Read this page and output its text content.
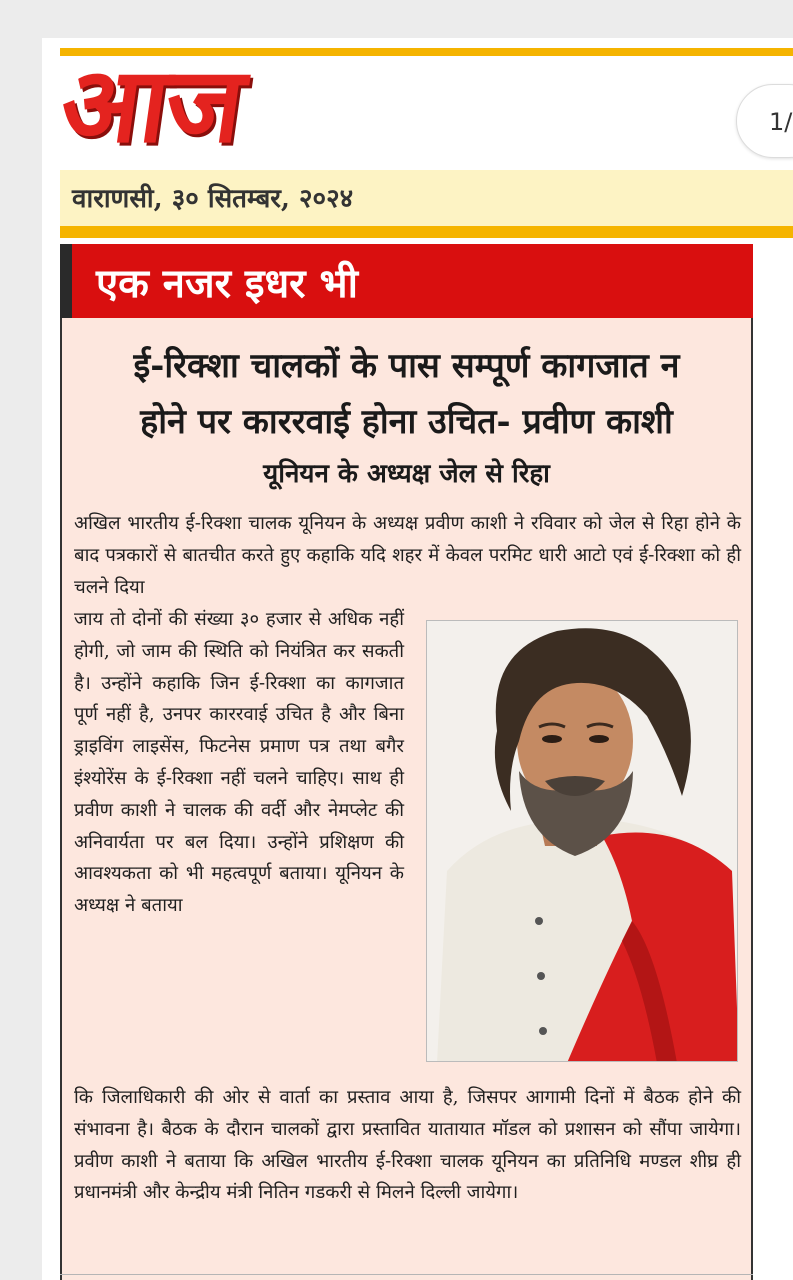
आज	1/
वाराणसी, ३० सितम्बर, २०२४
एक नजर इधर भी
ई-रिक्शा चालकों के पास सम्पूर्ण कागजात न
होने पर काररवाई होना उचित- प्रवीण काशी
यूनियन के अध्यक्ष जेल से रिहा

अखिल भारतीय ई-रिक्शा चालक यूनियन के अध्यक्ष प्रवीण काशी ने रविवार को जेल से रिहा होने के बाद पत्रकारों से बातचीत करते हुए कहाकि यदि शहर में केवल परमिट धारी आटो एवं ई-रिक्शा को ही चलने दिया

जाय तो दोनों की संख्या ३० हजार से अधिक नहीं होगी, जो जाम की स्थिति को नियंत्रित कर सकती है। उन्होंने कहाकि जिन ई-रिक्शा का कागजात पूर्ण नहीं है, उनपर काररवाई उचित है और बिना ड्राइविंग लाइसेंस, फिटनेस प्रमाण पत्र तथा बगैर इंश्योरेंस के ई-रिक्शा नहीं चलने चाहिए। साथ ही प्रवीण काशी ने चालक की वर्दी और नेमप्लेट की अनिवार्यता पर बल दिया। उन्होंने प्रशिक्षण की आवश्यकता को भी महत्वपूर्ण बताया। यूनियन के अध्यक्ष ने बताया

कि जिलाधिकारी की ओर से वार्ता का प्रस्ताव आया है, जिसपर आगामी दिनों में बैठक होने की संभावना है। बैठक के दौरान चालकों द्वारा प्रस्तावित यातायात मॉडल को प्रशासन को सौंपा जायेगा। प्रवीण काशी ने बताया कि अखिल भारतीय ई-रिक्शा चालक यूनियन का प्रतिनिधि मण्डल शीघ्र ही प्रधानमंत्री और केन्द्रीय मंत्री नितिन गडकरी से मिलने दिल्ली जायेगा।
